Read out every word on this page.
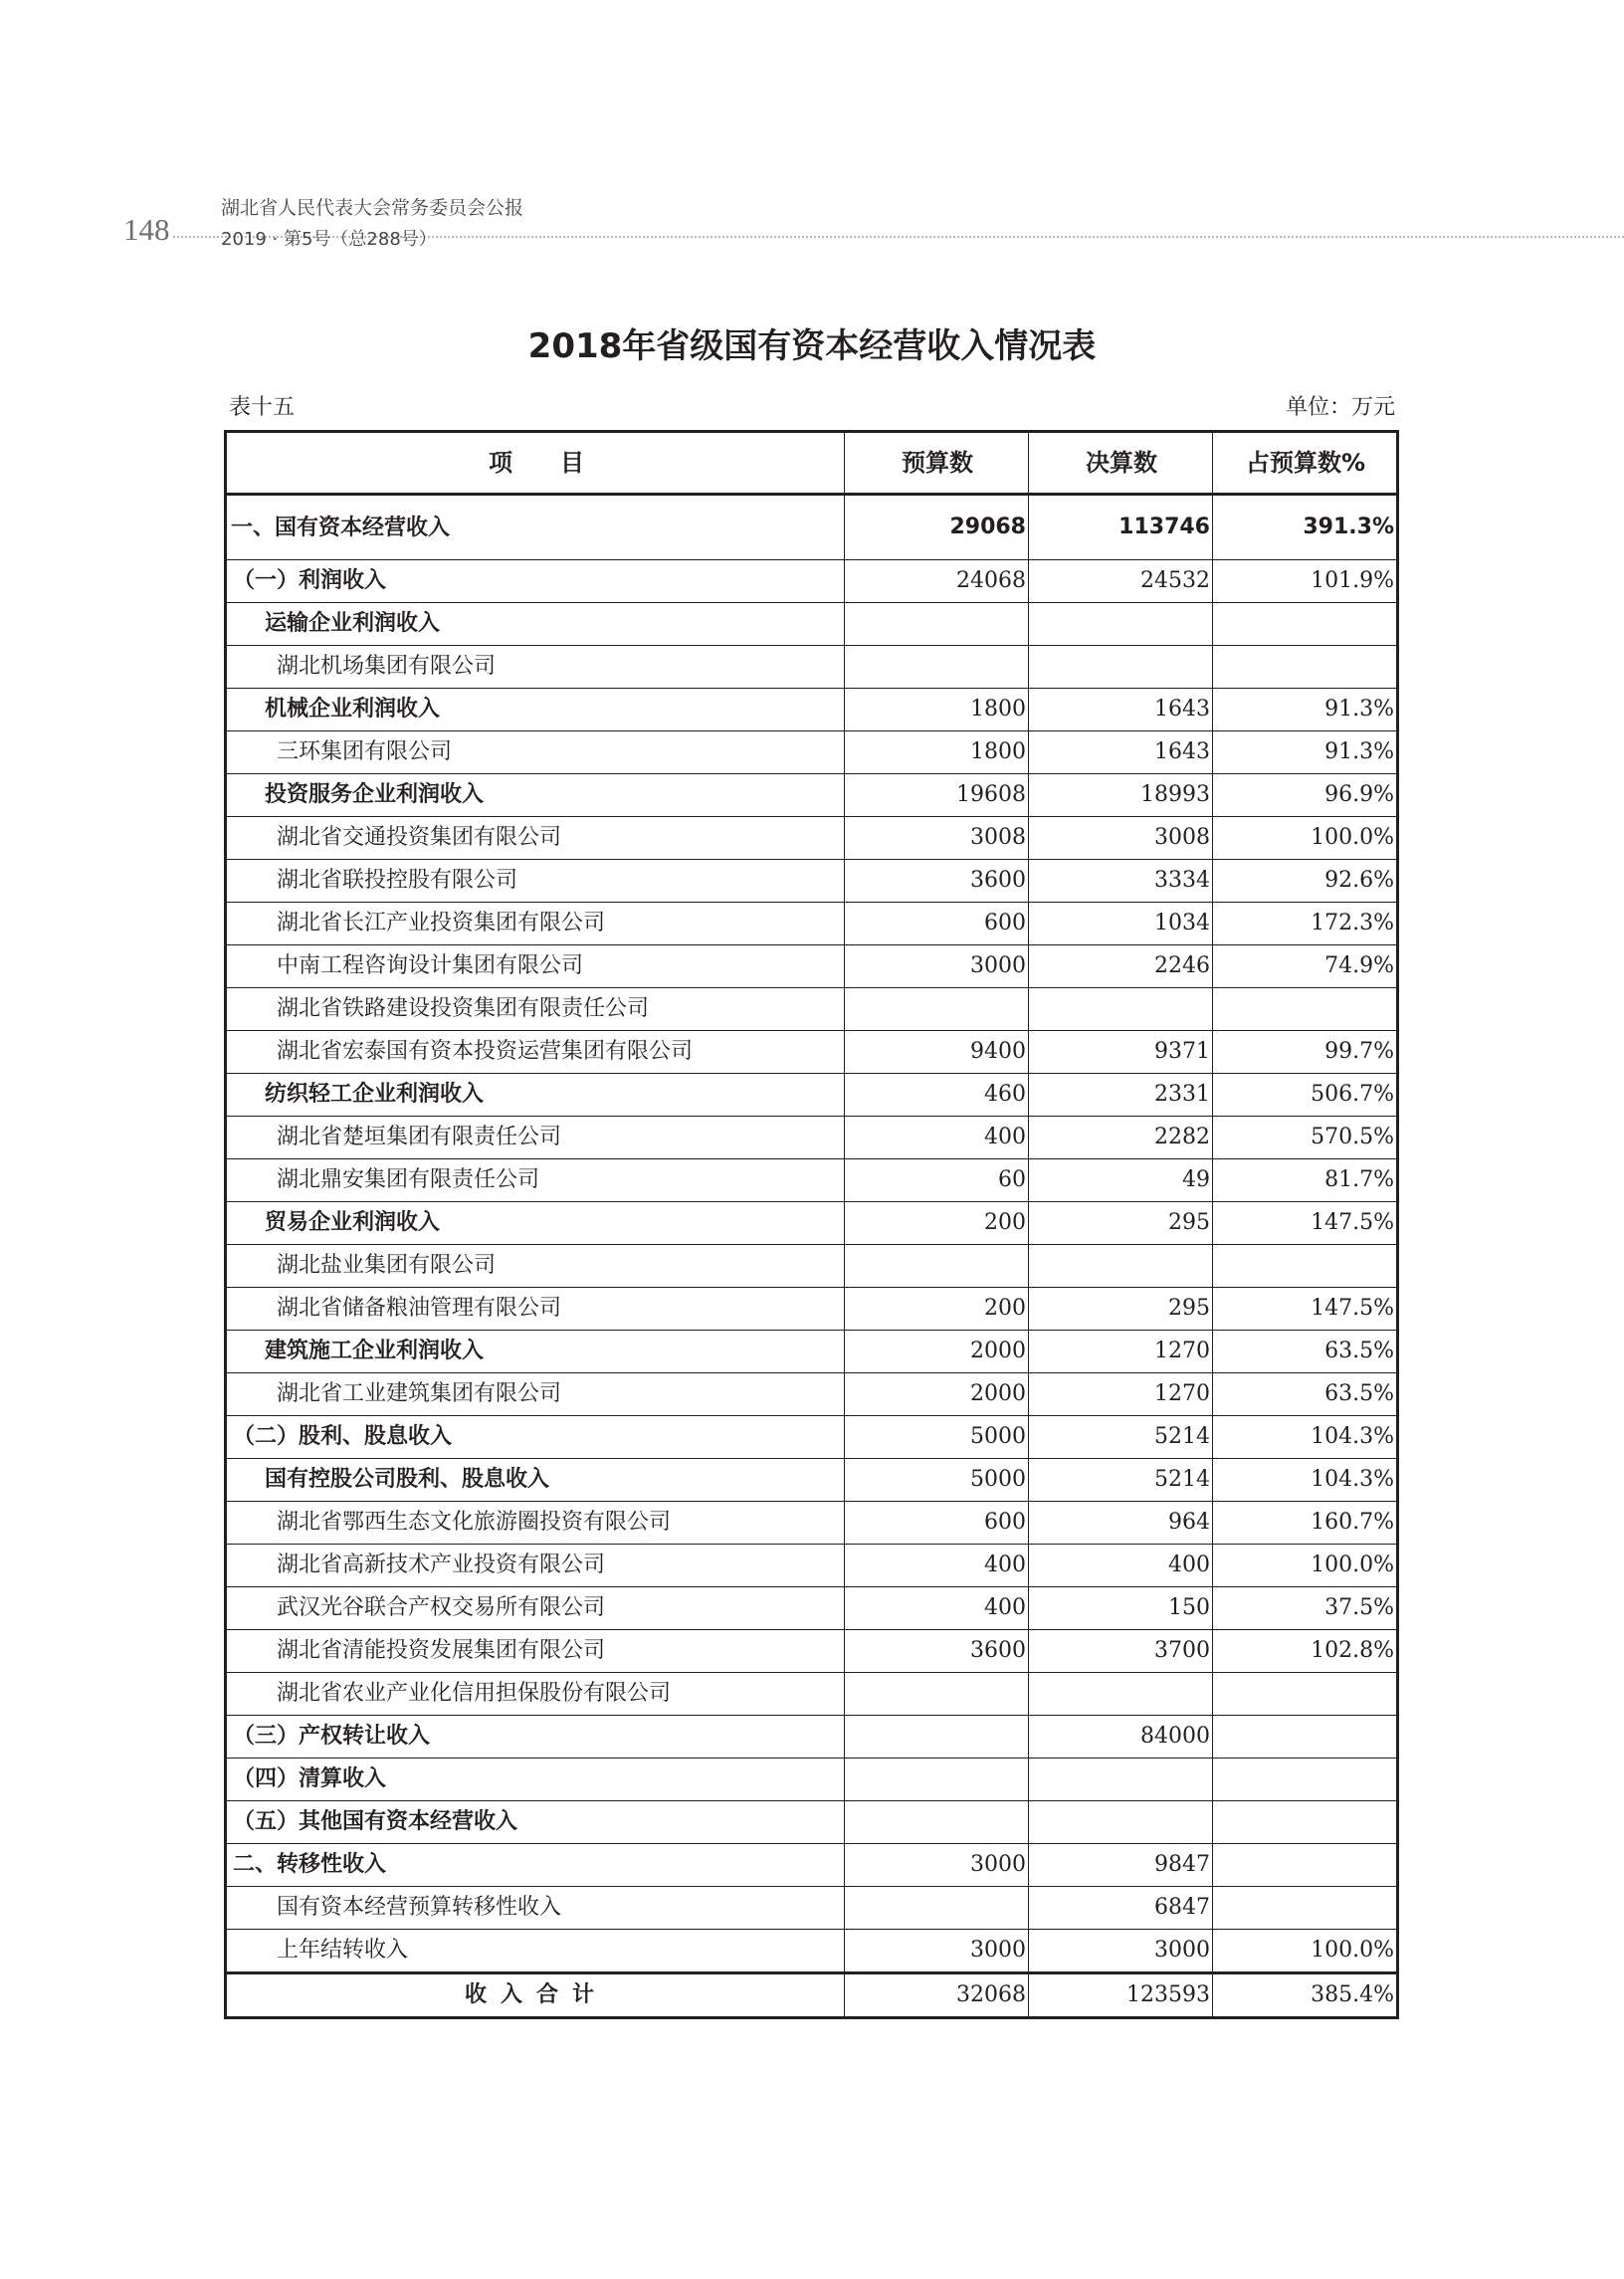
148
湖北省人民代表大会常务委员会公报
2019 · 第5号（总288号）
2018年省级国有资本经营收入情况表
表十五	单位：万元
项　　目	预算数	决算数	占预算数%
一、国有资本经营收入	29068	113746	391.3%
（一）利润收入	24068	24532	101.9%
运输企业利润收入			
湖北机场集团有限公司			
机械企业利润收入	1800	1643	91.3%
三环集团有限公司	1800	1643	91.3%
投资服务企业利润收入	19608	18993	96.9%
湖北省交通投资集团有限公司	3008	3008	100.0%
湖北省联投控股有限公司	3600	3334	92.6%
湖北省长江产业投资集团有限公司	600	1034	172.3%
中南工程咨询设计集团有限公司	3000	2246	74.9%
湖北省铁路建设投资集团有限责任公司			
湖北省宏泰国有资本投资运营集团有限公司	9400	9371	99.7%
纺织轻工企业利润收入	460	2331	506.7%
湖北省楚垣集团有限责任公司	400	2282	570.5%
湖北鼎安集团有限责任公司	60	49	81.7%
贸易企业利润收入	200	295	147.5%
湖北盐业集团有限公司			
湖北省储备粮油管理有限公司	200	295	147.5%
建筑施工企业利润收入	2000	1270	63.5%
湖北省工业建筑集团有限公司	2000	1270	63.5%
（二）股利、股息收入	5000	5214	104.3%
国有控股公司股利、股息收入	5000	5214	104.3%
湖北省鄂西生态文化旅游圈投资有限公司	600	964	160.7%
湖北省高新技术产业投资有限公司	400	400	100.0%
武汉光谷联合产权交易所有限公司	400	150	37.5%
湖北省清能投资发展集团有限公司	3600	3700	102.8%
湖北省农业产业化信用担保股份有限公司			
（三）产权转让收入		84000	
（四）清算收入			
（五）其他国有资本经营收入			
二、转移性收入	3000	9847	
国有资本经营预算转移性收入		6847	
上年结转收入	3000	3000	100.0%
收入合计	32068	123593	385.4%
